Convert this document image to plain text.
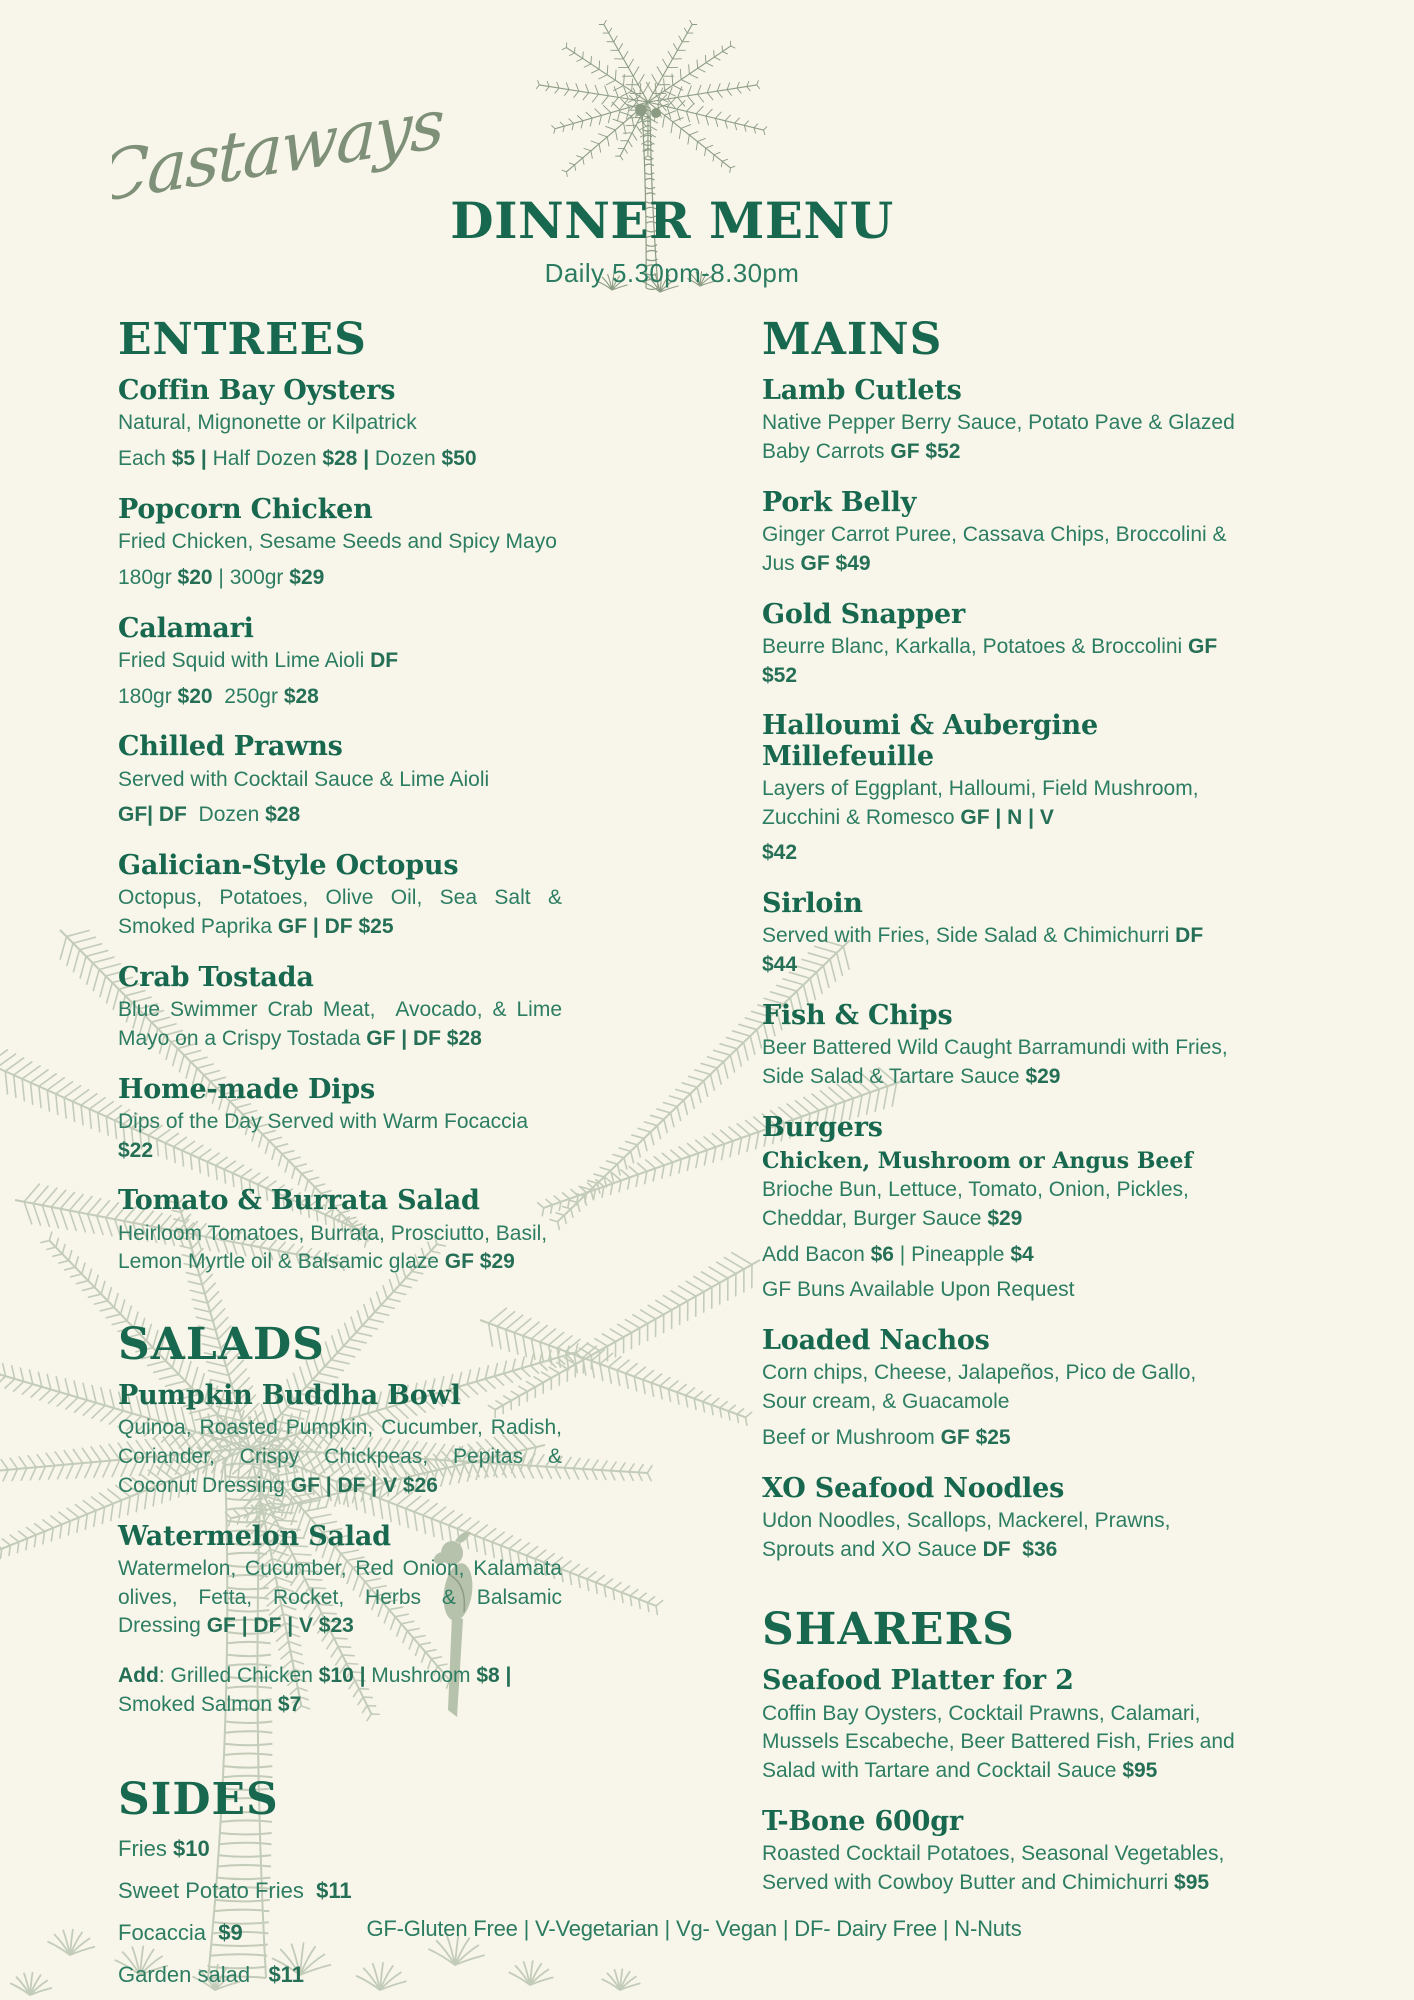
Castaways
DINNER MENU
Daily 5.30pm-8.30pm
ENTREES
Coffin Bay Oysters

Natural, Mignonette or Kilpatrick

Each $5 | Half Dozen $28 | Dozen $50

Popcorn Chicken

Fried Chicken, Sesame Seeds and Spicy Mayo

180gr $20 | 300gr $29

Calamari

Fried Squid with Lime Aioli DF

180gr $20  250gr $28

Chilled Prawns

Served with Cocktail Sauce & Lime Aioli

GF| DF  Dozen $28

Galician-Style Octopus

Octopus, Potatoes, Olive Oil, Sea Salt & Smoked Paprika GF | DF $25

Crab Tostada

Blue Swimmer Crab Meat,  Avocado, & Lime Mayo on a Crispy Tostada GF | DF $28

Home-made Dips

Dips of the Day Served with Warm Focaccia $22

Tomato & Burrata Salad

Heirloom Tomatoes, Burrata, Prosciutto, Basil, Lemon Myrtle oil & Balsamic glaze GF $29

SALADS
Pumpkin Buddha Bowl

Quinoa, Roasted Pumpkin, Cucumber, Radish, Coriander, Crispy Chickpeas, Pepitas & Coconut Dressing GF | DF | V $26

Watermelon Salad

Watermelon, Cucumber, Red Onion, Kalamata olives, Fetta, Rocket, Herbs & Balsamic Dressing GF | DF | V $23

Add: Grilled Chicken $10 | Mushroom $8 | Smoked Salmon $7

SIDES

Fries $10

Sweet Potato Fries  $11

Focaccia  $9

Garden salad   $11

MAINS
Lamb Cutlets

Native Pepper Berry Sauce, Potato Pave & Glazed Baby Carrots GF $52

Pork Belly

Ginger Carrot Puree, Cassava Chips, Broccolini & Jus GF $49

Gold Snapper

Beurre Blanc, Karkalla, Potatoes & Broccolini GF $52

Halloumi & Aubergine Millefeuille

Layers of Eggplant, Halloumi, Field Mushroom, Zucchini & Romesco GF | N | V

$42

Sirloin

Served with Fries, Side Salad & Chimichurri DF $44

Fish & Chips

Beer Battered Wild Caught Barramundi with Fries, Side Salad & Tartare Sauce $29

Burgers
Chicken, Mushroom or Angus Beef

Brioche Bun, Lettuce, Tomato, Onion, Pickles, Cheddar, Burger Sauce $29

Add Bacon $6 | Pineapple $4

GF Buns Available Upon Request

Loaded Nachos

Corn chips, Cheese, Jalapeños, Pico de Gallo, Sour cream, & Guacamole

Beef or Mushroom GF $25

XO Seafood Noodles

Udon Noodles, Scallops, Mackerel, Prawns, Sprouts and XO Sauce DF  $36

SHARERS
Seafood Platter for 2

Coffin Bay Oysters, Cocktail Prawns, Calamari, Mussels Escabeche, Beer Battered Fish, Fries and Salad with Tartare and Cocktail Sauce $95

T-Bone 600gr

Roasted Cocktail Potatoes, Seasonal Vegetables, Served with Cowboy Butter and Chimichurri $95

GF-Gluten Free | V-Vegetarian | Vg- Vegan | DF- Dairy Free | N-Nuts
